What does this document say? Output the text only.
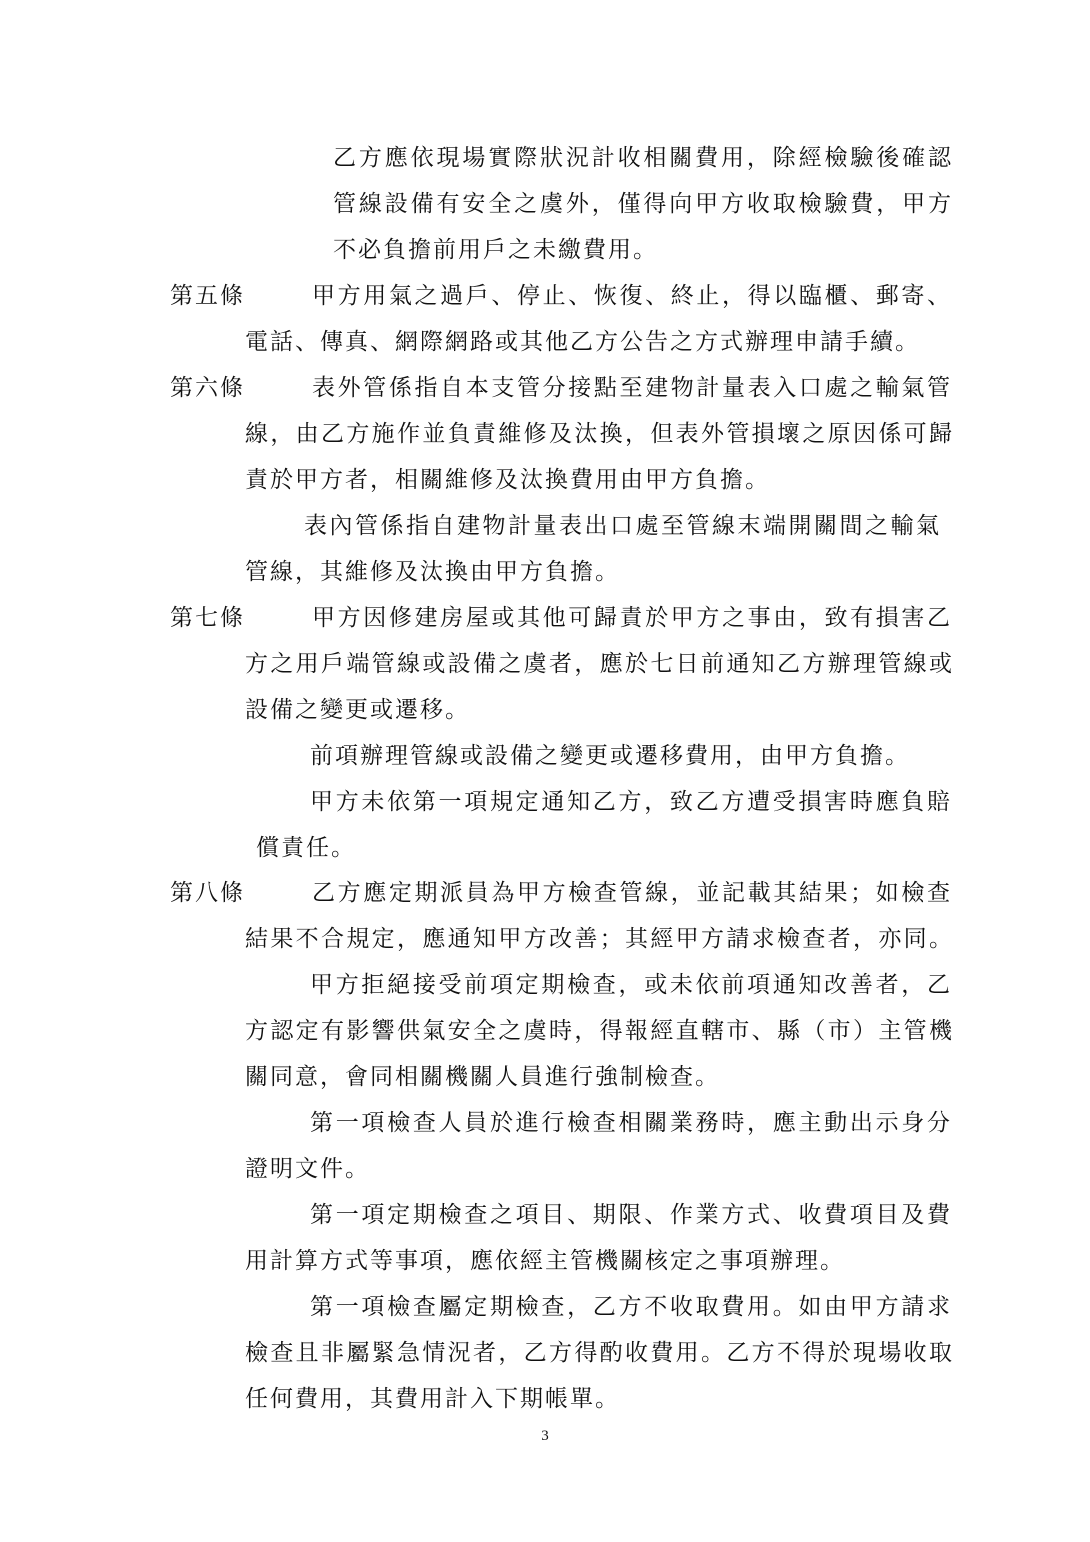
乙方應依現場實際狀況計收相關費用，除經檢驗後確認
管線設備有安全之虞外，僅得向甲方收取檢驗費，甲方
不必負擔前用戶之未繳費用。
第五條	甲方用氣之過戶、停止、恢復、終止，得以臨櫃、郵寄、
電話、傳真、網際網路或其他乙方公告之方式辦理申請手續。
第六條	表外管係指自本支管分接點至建物計量表入口處之輸氣管
線，由乙方施作並負責維修及汰換，但表外管損壞之原因係可歸
責於甲方者，相關維修及汰換費用由甲方負擔。
表內管係指自建物計量表出口處至管線末端開關間之輸氣
管線，其維修及汰換由甲方負擔。
第七條	甲方因修建房屋或其他可歸責於甲方之事由，致有損害乙
方之用戶端管線或設備之虞者，應於七日前通知乙方辦理管線或
設備之變更或遷移。
前項辦理管線或設備之變更或遷移費用，由甲方負擔。
甲方未依第一項規定通知乙方，致乙方遭受損害時應負賠
償責任。
第八條	乙方應定期派員為甲方檢查管線，並記載其結果；如檢查
結果不合規定，應通知甲方改善；其經甲方請求檢查者，亦同。
甲方拒絕接受前項定期檢查，或未依前項通知改善者，乙
方認定有影響供氣安全之虞時，得報經直轄市、縣（市）主管機
關同意，會同相關機關人員進行強制檢查。
第一項檢查人員於進行檢查相關業務時，應主動出示身分
證明文件。
第一項定期檢查之項目、期限、作業方式、收費項目及費
用計算方式等事項，應依經主管機關核定之事項辦理。
第一項檢查屬定期檢查，乙方不收取費用。如由甲方請求
檢查且非屬緊急情況者，乙方得酌收費用。乙方不得於現場收取
任何費用，其費用計入下期帳單。
3
